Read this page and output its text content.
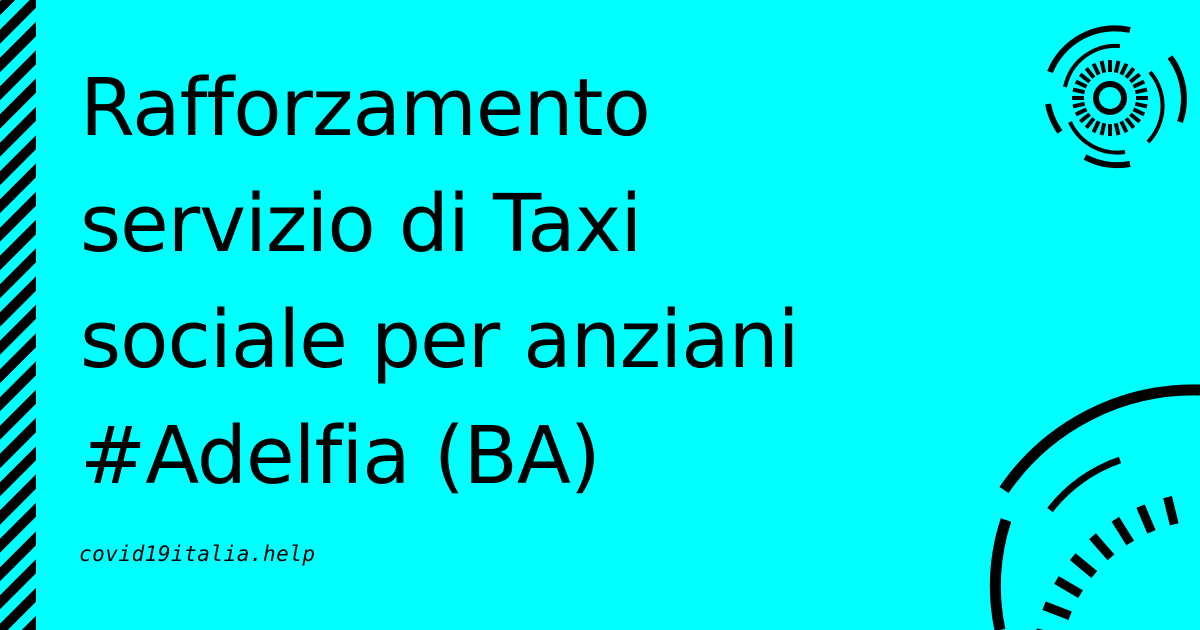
Rafforzamento
servizio di Taxi
sociale per anziani
#Adelfia (BA)
covid19italia.help
